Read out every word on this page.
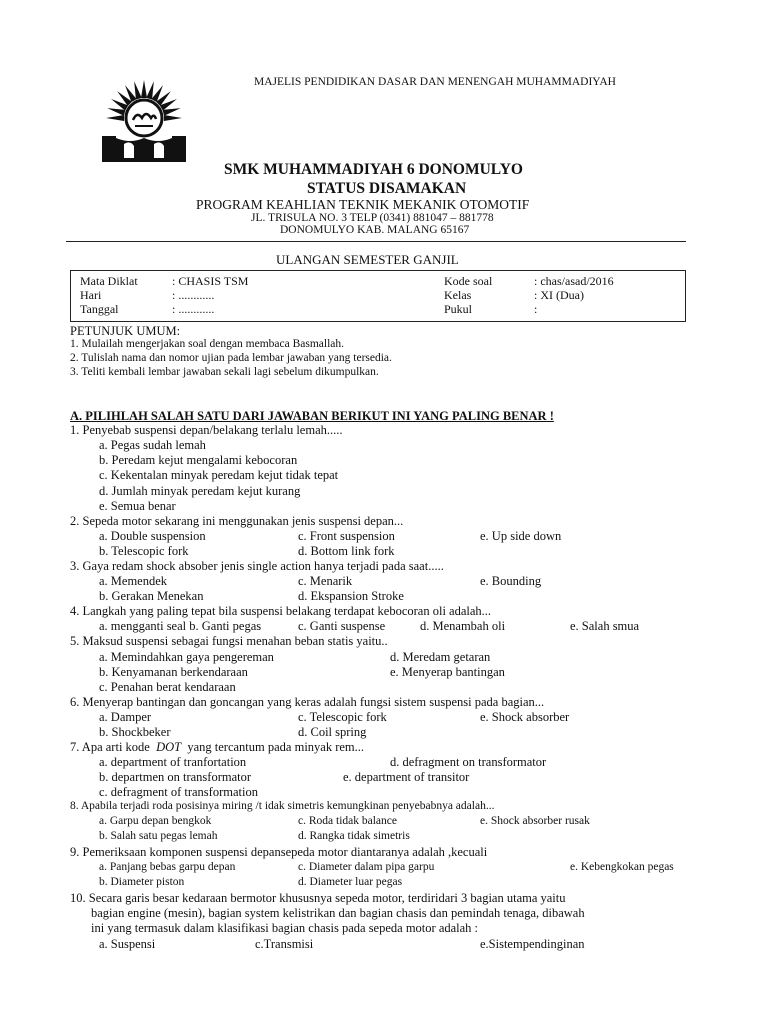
MAJELIS PENDIDIKAN DASAR DAN MENENGAH MUHAMMADIYAH
SMK MUHAMMADIYAH 6 DONOMULYO
STATUS DISAMAKAN
PROGRAM KEAHLIAN TEKNIK MEKANIK OTOMOTIF
JL. TRISULA NO. 3 TELP (0341) 881047 – 881778
DONOMULYO KAB. MALANG 65167
ULANGAN SEMESTER GANJIL
Mata Diklat	: CHASIS TSM
Hari	: ............
Tanggal	: ............
Kode soal	: chas/asad/2016
Kelas	: XI (Dua)
Pukul	:
PETUNJUK UMUM:
1. Mulailah mengerjakan soal dengan membaca Basmallah.
2. Tulislah nama dan nomor ujian pada lembar jawaban yang tersedia.
3. Teliti kembali lembar jawaban sekali lagi sebelum dikumpulkan.
A. PILIHLAH SALAH SATU DARI JAWABAN BERIKUT INI YANG PALING BENAR !
1. Penyebab suspensi depan/belakang terlalu lemah.....
a. Pegas sudah lemah
b. Peredam kejut mengalami kebocoran
c. Kekentalan minyak peredam kejut tidak tepat
d. Jumlah minyak peredam kejut kurang
e. Semua benar
2. Sepeda motor sekarang ini menggunakan jenis suspensi depan...
a. Double suspension	c. Front suspension	e. Up side down
b. Telescopic fork	d. Bottom link fork
3. Gaya redam shock absober jenis single action hanya terjadi pada saat.....
a. Memendek	c. Menarik	e. Bounding
b. Gerakan Menekan	d. Ekspansion Stroke
4. Langkah yang paling tepat bila suspensi belakang terdapat kebocoran oli adalah...
a. mengganti seal b. Ganti pegas	c. Ganti suspense	d. Menambah oli	e. Salah smua
5. Maksud suspensi sebagai fungsi menahan beban statis yaitu..
a. Memindahkan gaya pengereman	d. Meredam getaran
b. Kenyamanan berkendaraan	e. Menyerap bantingan
c. Penahan berat kendaraan
6. Menyerap bantingan dan goncangan yang keras adalah fungsi sistem suspensi pada bagian...
a. Damper	c. Telescopic fork	e. Shock absorber
b. Shockbeker	d. Coil spring
7. Apa arti kode DOT yang tercantum pada minyak rem...
a. department of tranfortation	d. defragment on transformator
b. departmen on transformator	e. department of transitor
c. defragment of transformation
8. Apabila terjadi roda posisinya miring /t idak simetris kemungkinan penyebabnya adalah...
a. Garpu depan bengkok	c. Roda tidak balance	e. Shock absorber rusak
b. Salah satu pegas lemah	d. Rangka tidak simetris
9. Pemeriksaan komponen suspensi depansepeda motor diantaranya adalah ,kecuali
a. Panjang bebas garpu depan	c. Diameter dalam pipa garpu	e. Kebengkokan pegas
b. Diameter piston	d. Diameter luar pegas
10. Secara garis besar kedaraan bermotor khususnya sepeda motor, terdiridari 3 bagian utama yaitu
bagian engine (mesin), bagian system kelistrikan dan bagian chasis dan pemindah tenaga, dibawah
ini yang termasuk dalam klasifikasi bagian chasis pada sepeda motor adalah :
a. Suspensi	c.Transmisi	e.Sistempendinginan
